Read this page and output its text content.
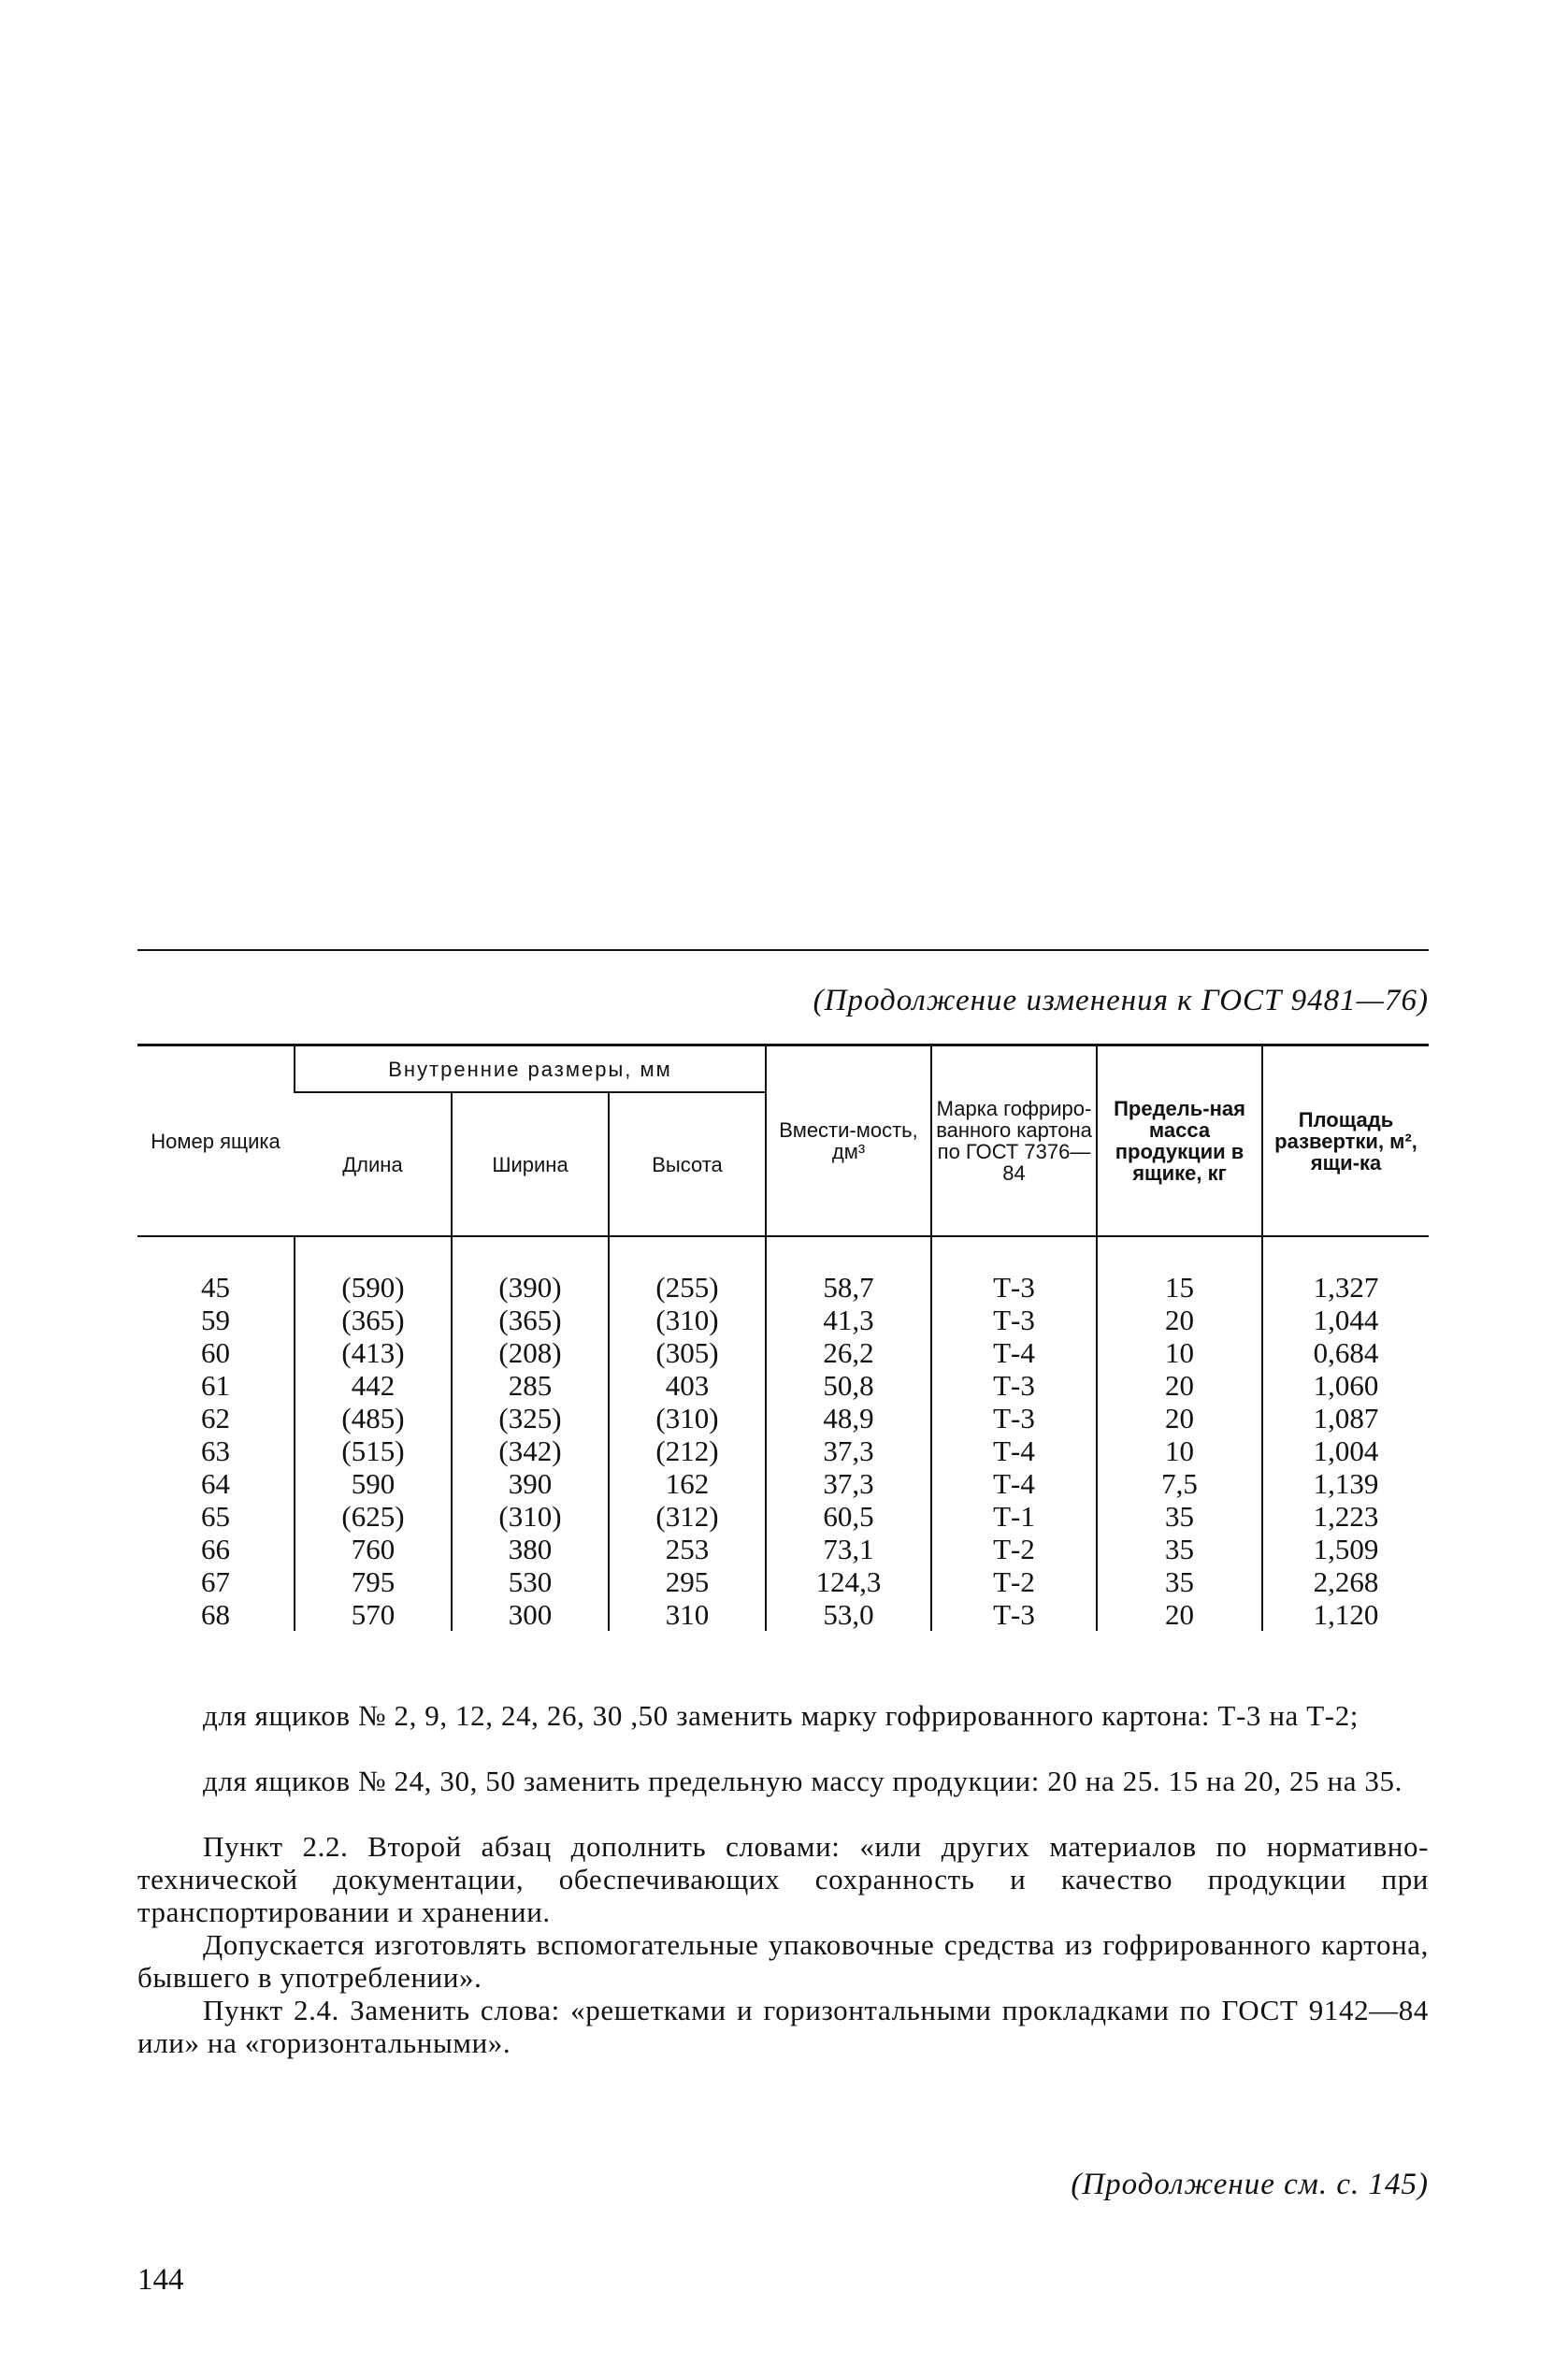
(Продолжение изменения к ГОСТ 9481—76)
Номер ящика	Внутренние размеры, мм			Вмести-мость, дм³	Марка гофриро-ванного картона по ГОСТ 7376—84	Предель-ная масса продукции в ящике, кг	Площадь развертки, м², ящи-ка
	Длина	Ширина	Высота				
45	(590)	(390)	(255)	58,7	Т-3	15	1,327
59	(365)	(365)	(310)	41,3	Т-3	20	1,044
60	(413)	(208)	(305)	26,2	Т-4	10	0,684
61	442	285	403	50,8	Т-3	20	1,060
62	(485)	(325)	(310)	48,9	Т-3	20	1,087
63	(515)	(342)	(212)	37,3	Т-4	10	1,004
64	590	390	162	37,3	Т-4	7,5	1,139
65	(625)	(310)	(312)	60,5	Т-1	35	1,223
66	760	380	253	73,1	Т-2	35	1,509
67	795	530	295	124,3	Т-2	35	2,268
68	570	300	310	53,0	Т-3	20	1,120
для ящиков № 2, 9, 12, 24, 26, 30 ,50 заменить марку гофрированного картона: Т-3 на Т-2;
для ящиков № 24, 30, 50 заменить предельную массу продукции: 20 на 25. 15 на 20, 25 на 35.
Пункт 2.2. Второй абзац дополнить словами: «или других материалов по нормативно-технической документации, обеспечивающих сохранность и качество продукции при транспортировании и хранении.
Допускается изготовлять вспомогательные упаковочные средства из гофрированного картона, бывшего в употреблении».
Пункт 2.4. Заменить слова: «решетками и горизонтальными прокладками по ГОСТ 9142—84 или» на «горизонтальными».
(Продолжение см. с. 145)
144
